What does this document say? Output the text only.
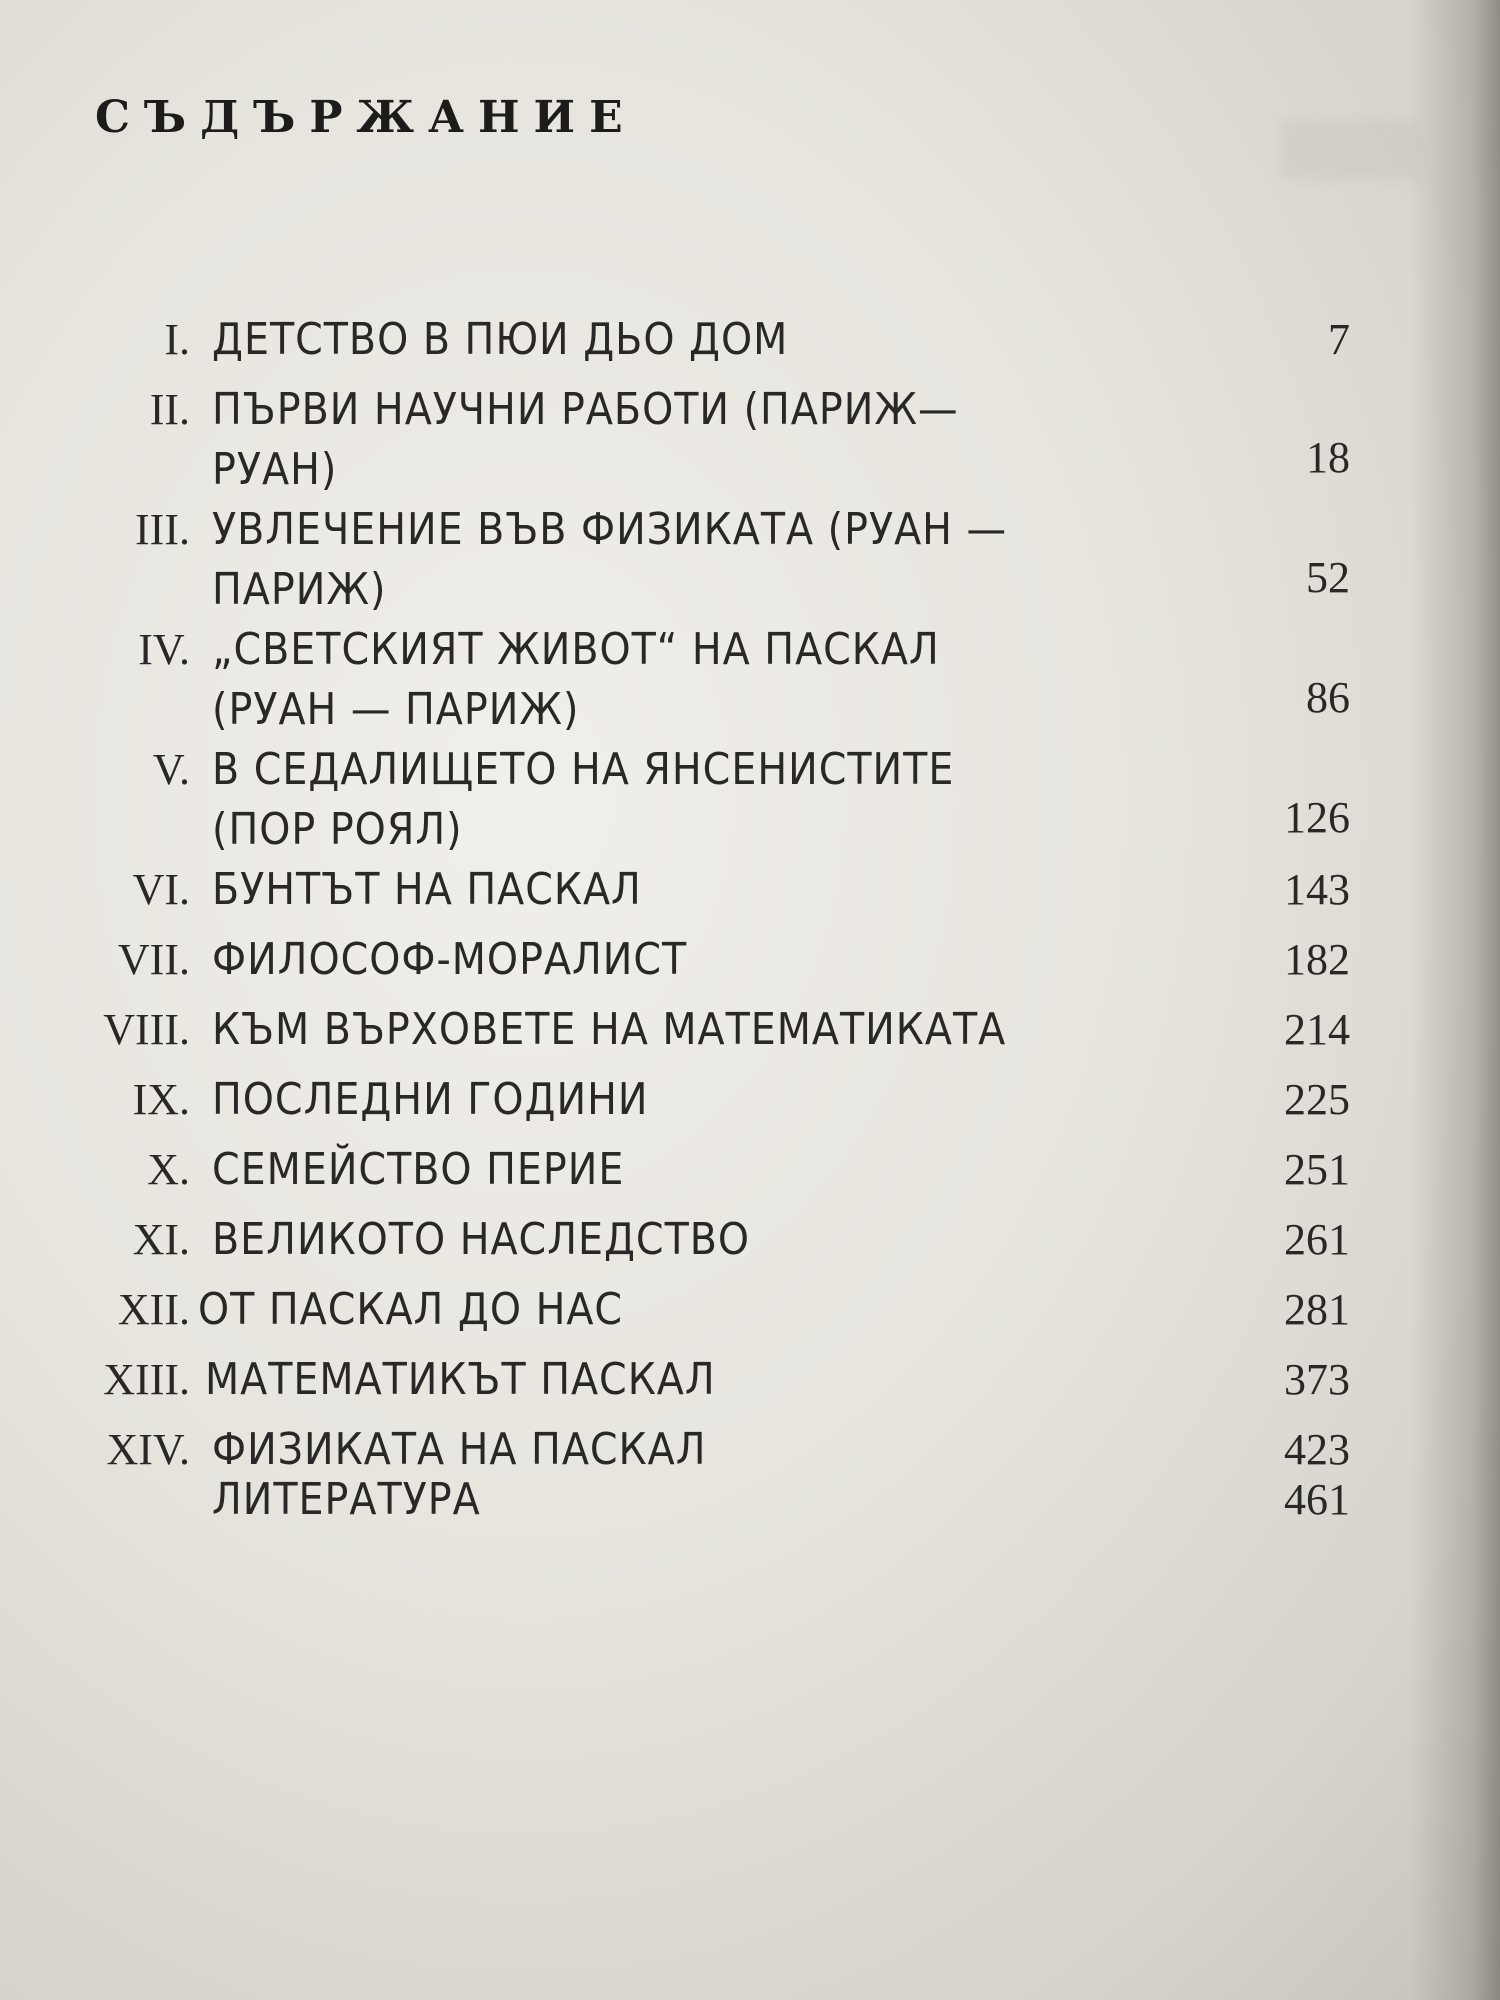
СЪДЪРЖАНИЕ
I. ДЕТСТВО В ПЮИ ДЬО ДОМ	7
II. ПЪРВИ НАУЧНИ РАБОТИ (ПАРИЖ—
РУАН)	18
III. УВЛЕЧЕНИЕ ВЪВ ФИЗИКАТА (РУАН —
ПАРИЖ)	52
IV. „СВЕТСКИЯТ ЖИВОТ“ НА ПАСКАЛ
(РУАН — ПАРИЖ)	86
V. В СЕДАЛИЩЕТО НА ЯНСЕНИСТИТЕ
(ПОР РОЯЛ)	126
VI. БУНТЪТ НА ПАСКАЛ	143
VII. ФИЛОСОФ-МОРАЛИСТ	182
VIII. КЪМ ВЪРХОВЕТЕ НА МАТЕМАТИКАТА	214
IX. ПОСЛЕДНИ ГОДИНИ	225
X. СЕМЕЙСТВО ПЕРИЕ	251
XI. ВЕЛИКОТО НАСЛЕДСТВО	261
XII. ОТ ПАСКАЛ ДО НАС	281
XIII. МАТЕМАТИКЪТ ПАСКАЛ	373
XIV. ФИЗИКАТА НА ПАСКАЛ	423
ЛИТЕРАТУРА	461
